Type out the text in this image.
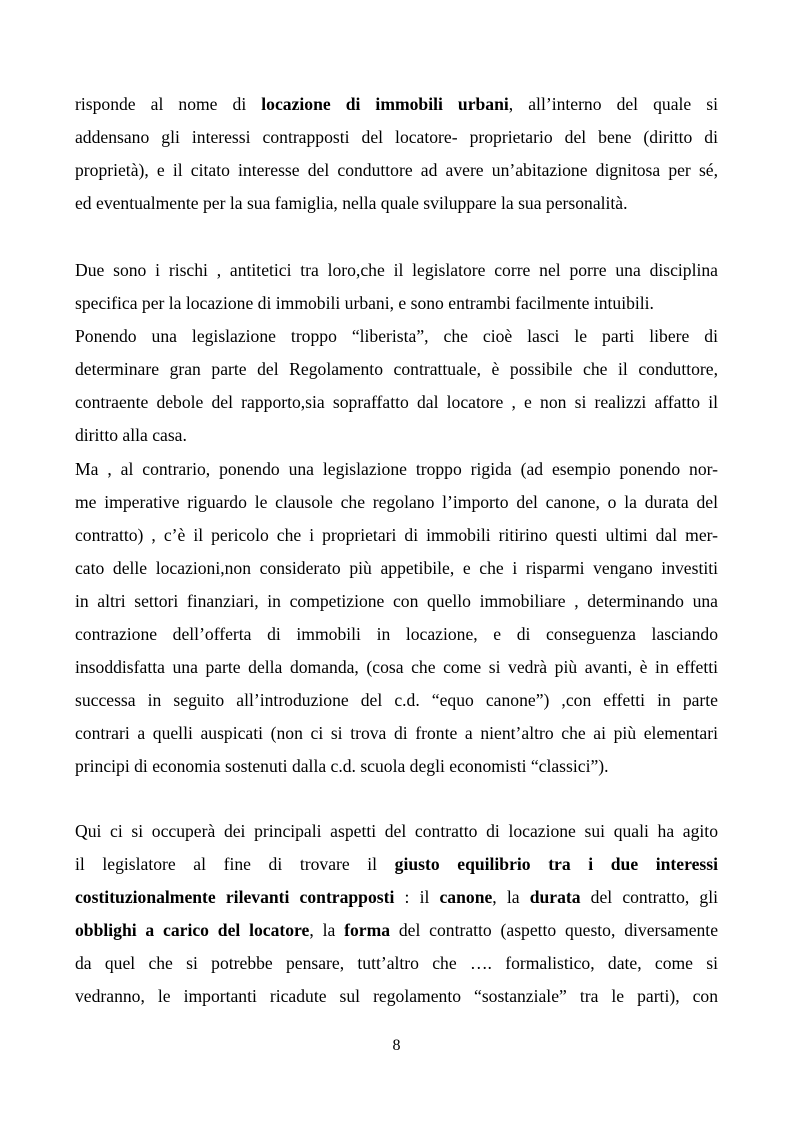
risponde al nome di locazione di immobili urbani, all’interno del quale si
addensano gli interessi contrapposti del locatore- proprietario del bene (diritto di
proprietà), e il citato interesse del conduttore ad avere un’abitazione dignitosa per sé,
ed eventualmente per la sua famiglia, nella quale sviluppare la sua personalità.
Due sono i rischi , antitetici tra loro,che il legislatore corre nel porre una disciplina
specifica per la locazione di immobili urbani, e sono entrambi facilmente intuibili.
Ponendo una legislazione troppo “liberista”, che cioè lasci le parti libere di
determinare gran parte del Regolamento contrattuale, è possibile che il conduttore,
contraente debole del rapporto,sia sopraffatto dal locatore , e non si realizzi affatto il
diritto alla casa.
Ma , al contrario, ponendo una legislazione troppo rigida (ad esempio ponendo nor-
me imperative riguardo le clausole che regolano l’importo del canone, o la durata del
contratto) , c’è il pericolo che i proprietari di immobili ritirino questi ultimi dal mer-
cato delle locazioni,non considerato più appetibile, e che i risparmi vengano investiti
in altri settori finanziari, in competizione con quello immobiliare , determinando una
contrazione dell’offerta di immobili in locazione, e di conseguenza lasciando
insoddisfatta una parte della domanda, (cosa che come si vedrà più avanti, è in effetti
successa in seguito all’introduzione del c.d. “equo canone”) ,con effetti in parte
contrari a quelli auspicati (non ci si trova di fronte a nient’altro che ai più elementari
principi di economia sostenuti dalla c.d. scuola degli economisti “classici”).
Qui ci si occuperà dei principali aspetti del contratto di locazione sui quali ha agito
il legislatore al fine di trovare il giusto equilibrio tra i due interessi
costituzionalmente rilevanti contrapposti : il canone, la durata del contratto, gli
obblighi a carico del locatore, la forma del contratto (aspetto questo, diversamente
da quel che si potrebbe pensare, tutt’altro che …. formalistico, date, come si
vedranno, le importanti ricadute sul regolamento “sostanziale” tra le parti), con
8
